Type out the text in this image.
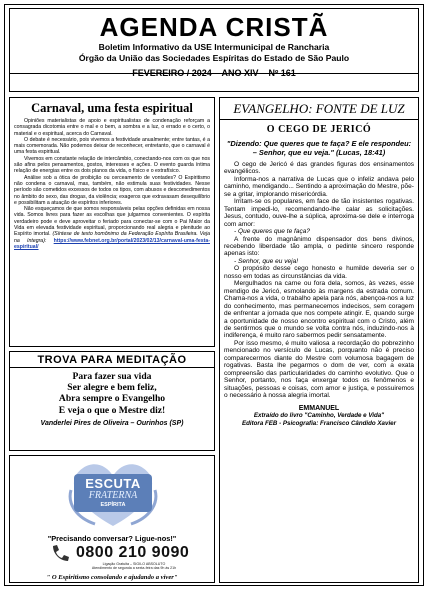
AGENDA CRISTÃ
Boletim Informativo da USE Intermunicipal de Rancharia
Órgão da União das Sociedades Espíritas do Estado de São Paulo
FEVEREIRO / 2024 – ANO XIV – Nº 161
Carnaval, uma festa espiritual

Opiniões materialistas de apoio e espiritualistas de condenação reforçam a consagrada dicotomia entre o mal e o bem, a sombra e a luz, o errado e o certo, o material e o espiritual, acerca do Carnaval.

O debate é necessário, pois vivemos a festividade anualmente; entre tantas, é a mais comemorada. Não podemos deixar de reconhecer, entretanto, que o carnaval é uma festa espiritual.

Vivemos em constante relação de intercâmbio, conectando-nos com os que nos são afins pelos pensamentos, gostos, interesses e ações. O evento guarda íntima relação de energias entre os dois planos da vida, o físico e o extrafísico.

Análise sob a ótica de proibição ou cerceamento de vontades? O Espiritismo não condena o carnaval, mas, também, não estimula suas festividades. Nesse período são cometidos excessos de todos os tipos, com abusos e descomedimentos no âmbito do sexo, das drogas, da violência; exageros que extravasam desequilíbrio e possibilitam a atuação de espíritos inferiores.

Não esqueçamos de que somos responsáveis pelas opções definidas em nossa vida. Somos livres para fazer as escolhas que julgarmos convenientes. O espírita verdadeiro pode e deve aproveitar o feriado para conectar-se com o Pai Maior da Vida em elevada festividade espiritual, proporcionando real alegria e plenitude ao Espírito imortal. (Síntese de texto homônimo da Federação Espírita Brasileira. Veja na íntegra): https://www.febnet.org.br/portal/2023/02/13/carnaval-uma-festa-espiritual/

TROVA PARA MEDITAÇÃO
Para fazer sua vida
Ser alegre e bem feliz,
Abra sempre o Evangelho
E veja o que o Mestre diz!
Vanderlei Pires de Oliveira – Ourinhos (SP)
ESCUTA
FRATERNA
ESPÍRITA
"Precisando conversar? Ligue-nos!"
0800 210 9090
Ligação Gratuita – SIGILO ABSOLUTO
Atendimento de segunda a sexta-feira das 9h às 21h
" O Espiritismo consolando e ajudando a viver"
EVANGELHO: FONTE DE LUZ
O CEGO DE JERICÓ
"Dizendo: Que queres que te faça? E ele respondeu: – Senhor, que eu veja." (Lucas, 18:41)

O cego de Jericó é das grandes figuras dos ensinamentos evangélicos.

Informa-nos a narrativa de Lucas que o infeliz andava pelo caminho, mendigando... Sentindo a aproximação do Mestre, põe-se a gritar, implorando misericórdia.

Irritam-se os populares, em face de tão insistentes rogativas. Tentam impedi-lo, recomendando-lhe calar as solicitações. Jesus, contudo, ouve-lhe a súplica, aproxima-se dele e interroga com amor:

- Que queres que te faça?

A frente do magnânimo dispensador dos bens divinos, recebendo liberdade tão ampla, o pedinte sincero responde apenas isto:

- Senhor, que eu veja!

O propósito desse cego honesto e humilde deveria ser o nosso em todas as circunstâncias da vida.

Mergulhados na carne ou fora dela, somos, às vezes, esse mendigo de Jericó, esmolando às margens da estrada comum. Chama-nos a vida, o trabalho apela para nós, abençoa-nos a luz do conhecimento, mas permanecemos indecisos, sem coragem de enfrentar a jornada que nos compete atingir. E, quando surge a oportunidade de nosso encontro espiritual com o Cristo, além de sentirmos que o mundo se volta contra nós, induzindo-nos à indiferença, é muito raro sabermos pedir sensatamente.

Por isso mesmo, é muito valiosa a recordação do pobrezinho mencionado no versículo de Lucas, porquanto não é preciso comparecermos diante do Mestre com volumosa bagagem de rogativas. Basta lhe pegarmos o dom de ver, com a exata compreensão das particularidades do caminho evolutivo. Que o Senhor, portanto, nos faça enxergar todos os fenômenos e situações, pessoas e coisas, com amor e justiça, e possuiremos o necessário à nossa alegria imortal.

EMMANUEL
Extraído do livro "Caminho, Verdade e Vida"
Editora FEB - Psicografia: Francisco Cândido Xavier
